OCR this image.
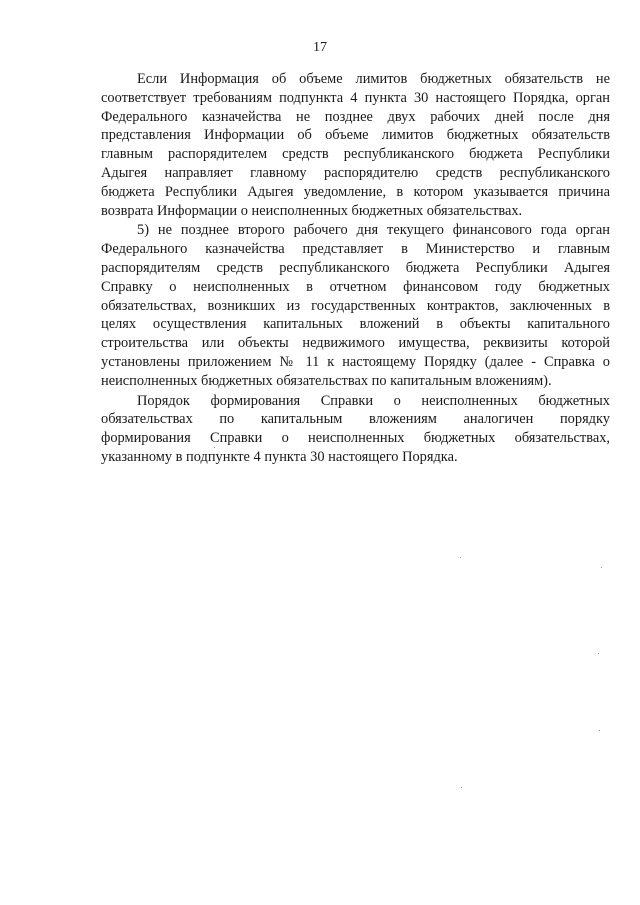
17
Если Информация об объеме лимитов бюджетных обязательств не
соответствует требованиям подпункта 4 пункта 30 настоящего Порядка, орган
Федерального казначейства не позднее двух рабочих дней после дня
представления Информации об объеме лимитов бюджетных обязательств
главным распорядителем средств республиканского бюджета Республики
Адыгея направляет главному распорядителю средств республиканского
бюджета Республики Адыгея уведомление, в котором указывается причина
возврата Информации о неисполненных бюджетных обязательствах.
5) не позднее второго рабочего дня текущего финансового года орган
Федерального казначейства представляет в Министерство и главным
распорядителям средств республиканского бюджета Республики Адыгея
Справку о неисполненных в отчетном финансовом году бюджетных
обязательствах, возникших из государственных контрактов, заключенных в
целях осуществления капитальных вложений в объекты капитального
строительства или объекты недвижимого имущества, реквизиты которой
установлены приложением № 11 к настоящему Порядку (далее - Справка о
неисполненных бюджетных обязательствах по капитальным вложениям).
Порядок формирования Справки о неисполненных бюджетных
обязательствах по капитальным вложениям аналогичен порядку
формирования Справки о неисполненных бюджетных обязательствах,
указанному в подпункте 4 пункта 30 настоящего Порядка.
